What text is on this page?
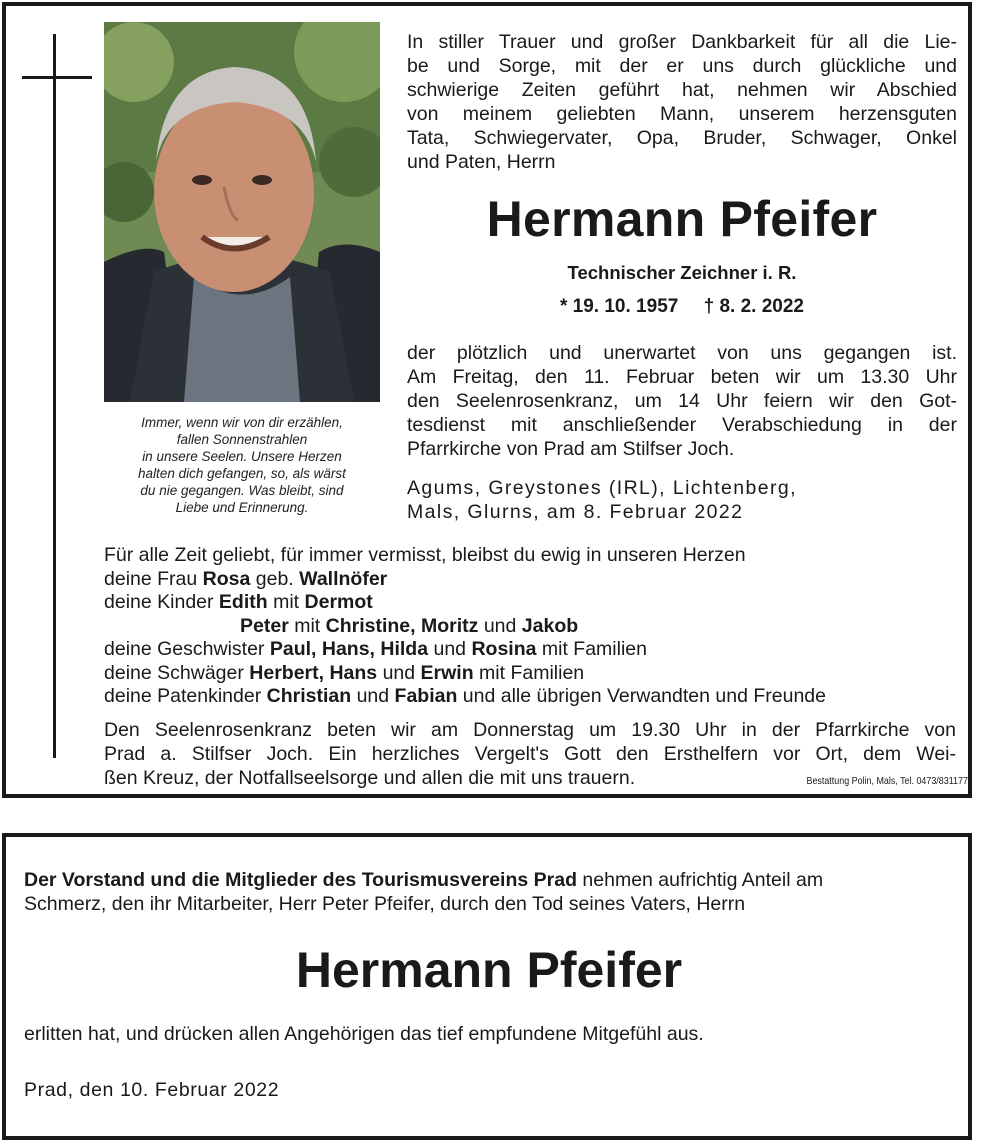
Immer, wenn wir von dir erzählen,
fallen Sonnenstrahlen
in unsere Seelen. Unsere Herzen
halten dich gefangen, so, als wärst
du nie gegangen. Was bleibt, sind
Liebe und Erinnerung.
In stiller Trauer und großer Dankbarkeit für all die Lie-
be und Sorge, mit der er uns durch glückliche und
schwierige Zeiten geführt hat, nehmen wir Abschied
von meinem geliebten Mann, unserem herzensguten
Tata, Schwiegervater, Opa, Bruder, Schwager, Onkel
und Paten, Herrn
Hermann Pfeifer
Technischer Zeichner i. R.
* 19. 10. 1957 † 8. 2. 2022
der plötzlich und unerwartet von uns gegangen ist.
Am Freitag, den 11. Februar beten wir um 13.30 Uhr
den Seelenrosenkranz, um 14 Uhr feiern wir den Got-
tesdienst mit anschließender Verabschiedung in der
Pfarrkirche von Prad am Stilfser Joch.
Agums, Greystones (IRL), Lichtenberg,
Mals, Glurns, am 8. Februar 2022
Für alle Zeit geliebt, für immer vermisst, bleibst du ewig in unseren Herzen
deine Frau Rosa geb. Wallnöfer
deine Kinder Edith mit Dermot
Peter mit Christine, Moritz und Jakob
deine Geschwister Paul, Hans, Hilda und Rosina mit Familien
deine Schwäger Herbert, Hans und Erwin mit Familien
deine Patenkinder Christian und Fabian und alle übrigen Verwandten und Freunde
Den Seelenrosenkranz beten wir am Donnerstag um 19.30 Uhr in der Pfarrkirche von
Prad a. Stilfser Joch. Ein herzliches Vergelt's Gott den Ersthelfern vor Ort, dem Wei-
ßen Kreuz, der Notfallseelsorge und allen die mit uns trauern.	Bestattung Polin, Mals, Tel. 0473/831177
Der Vorstand und die Mitglieder des Tourismusvereins Prad nehmen aufrichtig Anteil am
Schmerz, den ihr Mitarbeiter, Herr Peter Pfeifer, durch den Tod seines Vaters, Herrn
Hermann Pfeifer
erlitten hat, und drücken allen Angehörigen das tief empfundene Mitgefühl aus.
Prad, den 10. Februar 2022
